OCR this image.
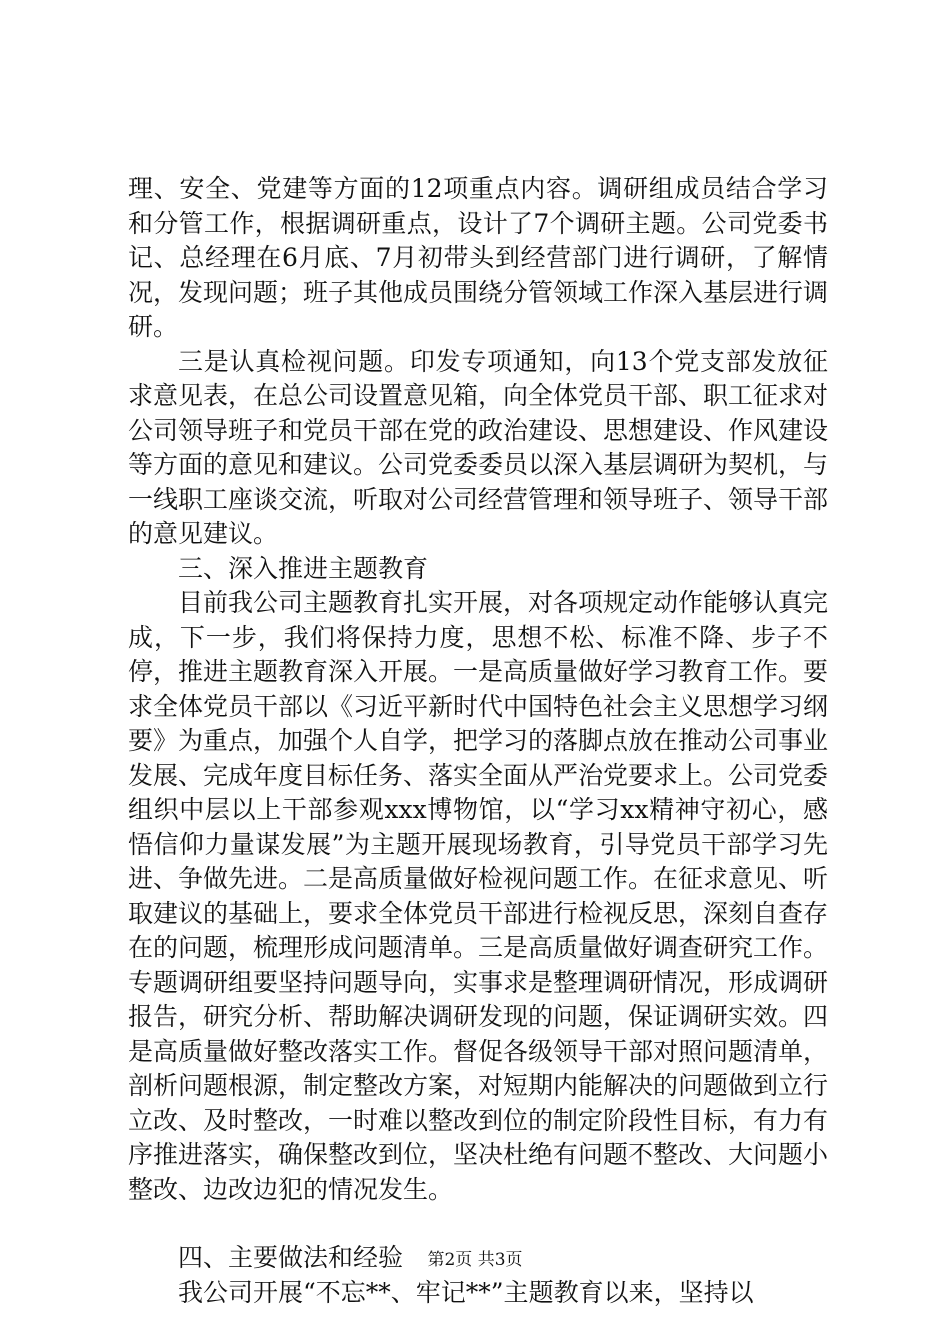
理、安全、党建等方面的12项重点内容。调研组成员结合学习和分管工作，根据调研重点，设计了7个调研主题。公司党委书记、总经理在6月底、7月初带头到经营部门进行调研，了解情况，发现问题；班子其他成员围绕分管领域工作深入基层进行调研。

三是认真检视问题。印发专项通知，向13个党支部发放征求意见表，在总公司设置意见箱，向全体党员干部、职工征求对公司领导班子和党员干部在党的政治建设、思想建设、作风建设等方面的意见和建议。公司党委委员以深入基层调研为契机，与一线职工座谈交流，听取对公司经营管理和领导班子、领导干部的意见建议。

三、深入推进主题教育

目前我公司主题教育扎实开展，对各项规定动作能够认真完成，下一步，我们将保持力度，思想不松、标准不降、步子不停，推进主题教育深入开展。一是高质量做好学习教育工作。要求全体党员干部以《习近平新时代中国特色社会主义思想学习纲要》为重点，加强个人自学，把学习的落脚点放在推动公司事业发展、完成年度目标任务、落实全面从严治党要求上。公司党委组织中层以上干部参观xxx博物馆，以“学习xx精神守初心，感悟信仰力量谋发展”为主题开展现场教育，引导党员干部学习先进、争做先进。二是高质量做好检视问题工作。在征求意见、听取建议的基础上，要求全体党员干部进行检视反思，深刻自查存在的问题，梳理形成问题清单。三是高质量做好调查研究工作。专题调研组要坚持问题导向，实事求是整理调研情况，形成调研报告，研究分析、帮助解决调研发现的问题，保证调研实效。四是高质量做好整改落实工作。督促各级领导干部对照问题清单，剖析问题根源，制定整改方案，对短期内能解决的问题做到立行立改、及时整改，一时难以整改到位的制定阶段性目标，有力有序推进落实，确保整改到位，坚决杜绝有问题不整改、大问题小整改、边改边犯的情况发生。

四、主要做法和经验

我公司开展“不忘**、牢记**”主题教育以来，坚持以

第2页 共3页
